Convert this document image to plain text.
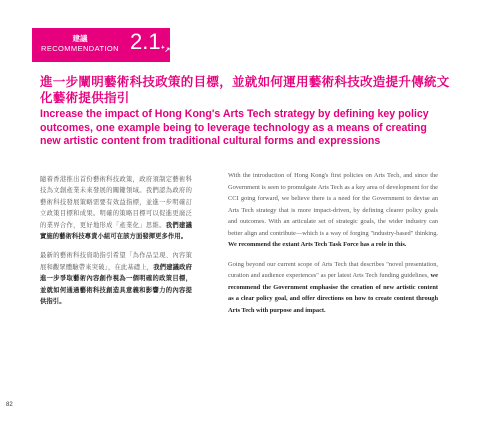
建議
RECOMMENDATION 2.1
進一步闡明藝術科技政策的目標，並就如何運用藝術科技改造提升傳統文化藝術提供指引
Increase the impact of Hong Kong's Arts Tech strategy by defining key policy outcomes, one example being to leverage technology as a means of creating new artistic content from traditional cultural forms and expressions

隨着香港推出首份藝術科技政策，政府須制定藝術科技為文創產業未來發展的關鍵領域。我們認為政府的藝術科技發展策略需要有效益指標，並進一步明確訂立政策目標和成果。明確的策略目標可以促進更廣泛的業界合作，更好地形成「產業化」思維。我們建議實施的藝術科技專責小組可在該方面發揮更多作用。

最新的藝術科技資助指引希望「為作品呈現、內容策展和觀眾體驗帶來突破」，在此基礎上，我們建議政府進一步爭取藝術內容創作視為一個明確的政策目標，並就如何通過藝術科技創造具意義和影響力的內容提供指引。

With the introduction of Hong Kong's first policies on Arts Tech, and since the Government is seen to promulgate Arts Tech as a key area of development for the CCI going forward, we believe there is a need for the Government to devise an Arts Tech strategy that is more impact-driven, by defining clearer policy goals and outcomes. With an articulate set of strategic goals, the wider industry can better align and contribute—which is a way of forging "industry-based" thinking. We recommend the extant Arts Tech Task Force has a role in this.

Going beyond our current scope of Arts Tech that describes "novel presentation, curation and audience experiences" as per latest Arts Tech funding guidelines, we recommend the Government emphasise the creation of new artistic content as a clear policy goal, and offer directions on how to create content through Arts Tech with purpose and impact.

82
